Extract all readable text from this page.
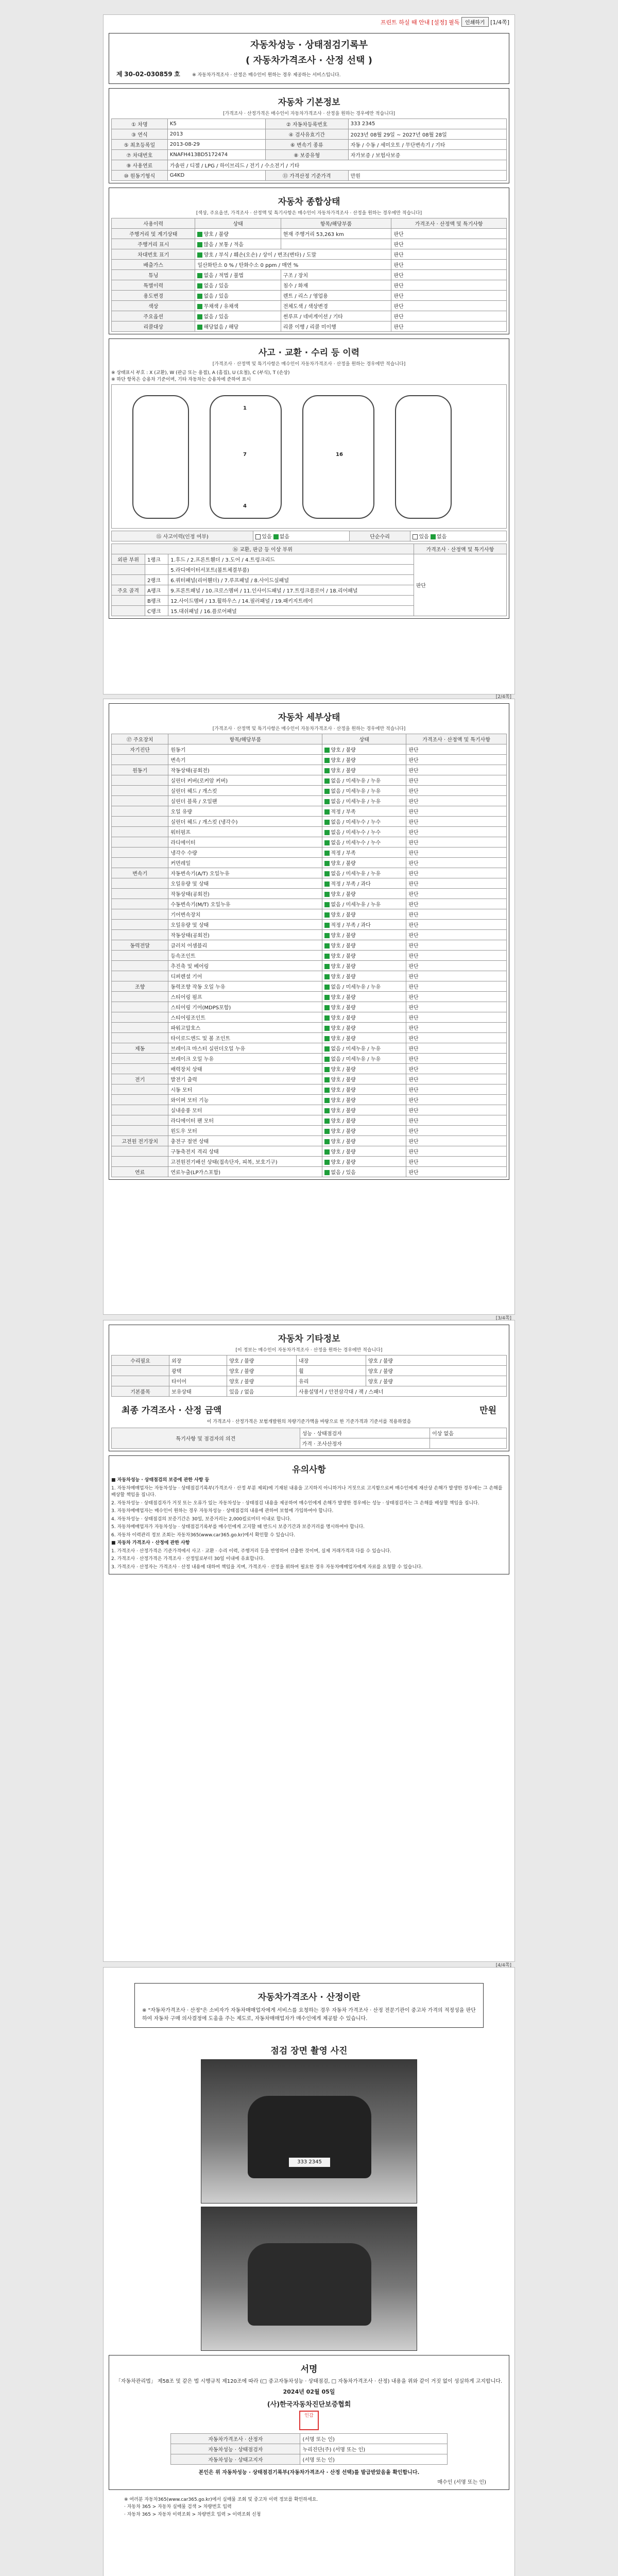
프린트 하실 때 안내 [설정] 필독 인쇄하기 [1/4쪽]
자동차성능 · 상태점검기록부
( 자동차가격조사 · 산정 선택 )
제 30-02-030859 호	※ 자동차가격조사 · 산정은 매수인이 원하는 경우 제공하는 서비스입니다.
자동차 기본정보
[가격조사 · 산정가격은 매수인이 자동차가격조사 · 산정을 원하는 경우에만 적습니다]
① 차명	K5	② 자동차등록번호	333 2345
③ 연식	2013	④ 검사유효기간	2023년 08월 29일 ~ 2027년 08월 28일
⑤ 최초등록일	2013-08-29	⑥ 변속기 종류	자동 / 수동 / 세미오토 / 무단변속기 / 기타
⑦ 차대번호	KNAFH413BD5172474	⑧ 보증유형	자가보증 / 보험사보증
⑨ 사용연료	가솔린 / 디젤 / LPG / 하이브리드 / 전기 / 수소전기 / 기타		
⑩ 원동기형식	G4KD	⑪ 가격산정 기준가격	만원
자동차 종합상태
[색상, 주요옵션, 가격조사 · 산정액 및 특기사항은 매수인이 자동차가격조사 · 산정을 원하는 경우에만 적습니다]
사용이력	상태	항목/해당부품	가격조사 · 산정액 및 특기사항
주행거리 및 계기상태	양호 / 불량	현재 주행거리 53,263 km	판단
주행거리 표시	많음 / 보통 / 적음		판단
차대번호 표기	양호 / 부식 / 훼손(오손) / 상이 / 변조(변타) / 도말		판단
배출가스	일산화탄소 0 % / 탄화수소 0 ppm / 매연 %		판단
튜닝	없음 / 적법 / 불법	구조 / 장치	판단
특별이력	없음 / 있음	침수 / 화재	판단
용도변경	없음 / 있음	렌트 / 리스 / 영업용	판단
색상	무채색 / 유채색	전체도색 / 색상변경	판단
주요옵션	없음 / 있음	썬루프 / 네비게이션 / 기타	판단
리콜대상	해당없음 / 해당	리콜 이행 / 리콜 미이행	판단
사고 · 교환 · 수리 등 이력
[가격조사 · 산정액 및 특기사항은 매수인이 자동차가격조사 · 산정을 원하는 경우에만 적습니다]
※ 상태표시 부호 : X (교환), W (판금 또는 용접), A (흠집), U (요철), C (부식), T (손상)
※ 하단 항목은 승용차 기준이며, 기타 자동차는 승용차에 준하여 표시
1
7	16
4
⑮ 사고이력(인정 여부)	있음 없음	단순수리	있음 없음
⑯ 교환, 판금 등 이상 부위			가격조사 · 산정액 및 특기사항
외판 부위	1랭크	1.후드 / 2.프론트휀더 / 3.도어 / 4.트렁크리드	판단
		5.라디에이터서포트(볼트체결부품)	
	2랭크	6.쿼터패널(리어휀더) / 7.루프패널 / 8.사이드실패널	
주요 골격	A랭크	9.프론트패널 / 10.크로스멤버 / 11.인사이드패널 / 17.트렁크플로어 / 18.리어패널	
	B랭크	12.사이드멤버 / 13.휠하우스 / 14.필러패널 / 19.패키지트레이	
	C랭크	15.대쉬패널 / 16.플로어패널	
[2/4쪽]
자동차 세부상태
[가격조사 · 산정액 및 특기사항은 매수인이 자동차가격조사 · 산정을 원하는 경우에만 적습니다]
⑰ 주요장치	항목/해당부품	상태	가격조사 · 산정액 및 특기사항
자기진단	원동기	양호 / 불량	판단
	변속기	양호 / 불량	판단
원동기	작동상태(공회전)	양호 / 불량	판단
	실린더 커버(로커암 커버)	없음 / 미세누유 / 누유	판단
	실린더 헤드 / 개스킷	없음 / 미세누유 / 누유	판단
	실린더 블록 / 오일팬	없음 / 미세누유 / 누유	판단
	오일 유량	적정 / 부족	판단
	실린더 헤드 / 개스킷 (냉각수)	없음 / 미세누수 / 누수	판단
	워터펌프	없음 / 미세누수 / 누수	판단
	라디에이터	없음 / 미세누수 / 누수	판단
	냉각수 수량	적정 / 부족	판단
	커먼레일	양호 / 불량	판단
변속기	자동변속기(A/T) 오일누유	없음 / 미세누유 / 누유	판단
	오일유량 및 상태	적정 / 부족 / 과다	판단
	작동상태(공회전)	양호 / 불량	판단
	수동변속기(M/T) 오일누유	없음 / 미세누유 / 누유	판단
	기어변속장치	양호 / 불량	판단
	오일유량 및 상태	적정 / 부족 / 과다	판단
	작동상태(공회전)	양호 / 불량	판단
동력전달	클러치 어셈블리	양호 / 불량	판단
	등속조인트	양호 / 불량	판단
	추진축 및 베어링	양호 / 불량	판단
	디퍼렌셜 기어	양호 / 불량	판단
조향	동력조향 작동 오일 누유	없음 / 미세누유 / 누유	판단
	스티어링 펌프	양호 / 불량	판단
	스티어링 기어(MDPS포함)	양호 / 불량	판단
	스티어링조인트	양호 / 불량	판단
	파워고압호스	양호 / 불량	판단
	타이로드엔드 및 볼 조인트	양호 / 불량	판단
제동	브레이크 마스터 실린더오일 누유	없음 / 미세누유 / 누유	판단
	브레이크 오일 누유	없음 / 미세누유 / 누유	판단
	배력장치 상태	양호 / 불량	판단
전기	발전기 출력	양호 / 불량	판단
	시동 모터	양호 / 불량	판단
	와이퍼 모터 기능	양호 / 불량	판단
	실내송풍 모터	양호 / 불량	판단
	라디에이터 팬 모터	양호 / 불량	판단
	윈도우 모터	양호 / 불량	판단
고전원 전기장치	충전구 절연 상태	양호 / 불량	판단
	구동축전지 격리 상태	양호 / 불량	판단
	고전원전기배선 상태(접속단자, 피복, 보호기구)	양호 / 불량	판단
연료	연료누출(LP가스포함)	없음 / 있음	판단
[3/4쪽]
자동차 기타정보
[이 정보는 매수인이 자동차가격조사 · 산정을 원하는 경우에만 적습니다]
수리필요	외장	양호 / 불량	내장	양호 / 불량
	광택	양호 / 불량	휠	양호 / 불량
	타이어	양호 / 불량	유리	양호 / 불량
기본품목	보유상태	있음 / 없음	사용설명서 / 안전삼각대 / 잭 / 스패너	
최종 가격조사 · 산정 금액	만원
이 가격조사 · 산정가격은 보험개발원의 차량기준가액을 바탕으로 한 기준가격과 기준서를 적용하였음
특기사항 및 점검자의 의견	성능 · 상태점검자	이상 없음
	가격 · 조사산정자	
유의사항

■ 자동차성능 · 상태점검의 보증에 관한 사항 등

1. 자동차매매업자는 자동차성능 · 상태점검기록부(가격조사 · 산정 부분 제외)에 기재된 내용을 고지하지 아니하거나 거짓으로 고지함으로써 매수인에게 재산상 손해가 발생한 경우에는 그 손해를 배상할 책임을 집니다.

2. 자동차성능 · 상태점검자가 거짓 또는 오류가 있는 자동차성능 · 상태점검 내용을 제공하여 매수인에게 손해가 발생한 경우에는 성능 · 상태점검자는 그 손해를 배상할 책임을 집니다.

3. 자동차매매업자는 매수인이 원하는 경우 자동차성능 · 상태점검의 내용에 관하여 보험에 가입하여야 합니다.

4. 자동차성능 · 상태점검의 보증기간은 30일, 보증거리는 2,000킬로미터 이내로 합니다.

5. 자동차매매업자가 자동차성능 · 상태점검기록부를 매수인에게 고지할 때 반드시 보증기간과 보증거리를 명시하여야 합니다.

6. 자동차 이력관리 정보 조회는 자동차365(www.car365.go.kr)에서 확인할 수 있습니다.

■ 자동차 가격조사 · 산정에 관한 사항

1. 가격조사 · 산정가격은 기준가격에서 사고 · 교환 · 수리 이력, 주행거리 등을 반영하여 산출한 것이며, 실제 거래가격과 다를 수 있습니다.

2. 가격조사 · 산정가격은 가격조사 · 산정일로부터 30일 이내에 유효합니다.

3. 가격조사 · 산정자는 가격조사 · 산정 내용에 대하여 책임을 지며, 가격조사 · 산정을 위하여 필요한 경우 자동차매매업자에게 자료를 요청할 수 있습니다.

[4/4쪽]
자동차가격조사 · 산정이란
※ "자동차가격조사 · 산정"은 소비자가 자동차매매업자에게 서비스를 요청하는 경우 자동차 가격조사 · 산정 전문기관이 중고차 가격의 적정성을 판단하여 자동차 구매 의사결정에 도움을 주는 제도로, 자동차매매업자가 매수인에게 제공할 수 있습니다.
점검 장면 촬영 사진
333 2345
서명
「자동차관리법」 제58조 및 같은 법 시행규칙 제120조에 따라 (□ 중고자동차성능 · 상태점검, □ 자동차가격조사 · 산정) 내용을 위와 같이 거짓 없이 성실하게 고지합니다.
2024년 02월 05일
(사)한국자동차진단보증협회
인감
자동차가격조사 · 산정자	(서명 또는 인)
자동차성능 · 상태점검자	누리진단(주) (서명 또는 인)
자동차성능 · 상태고지자	(서명 또는 인)
본인은 위 자동차성능 · 상태점검기록부(자동차가격조사 · 산정 선택)를 발급받았음을 확인합니다.
매수인 (서명 또는 인)
※ 여러분 자동차365(www.car365.go.kr)에서 실매물 조회 및 중고차 이력 정보를 확인하세요.
· 자동차 365 > 자동차 실매물 검색 > 차량번호 입력
· 자동차 365 > 자동차 이력조회 > 차량번호 입력 > 이력조회 신청
